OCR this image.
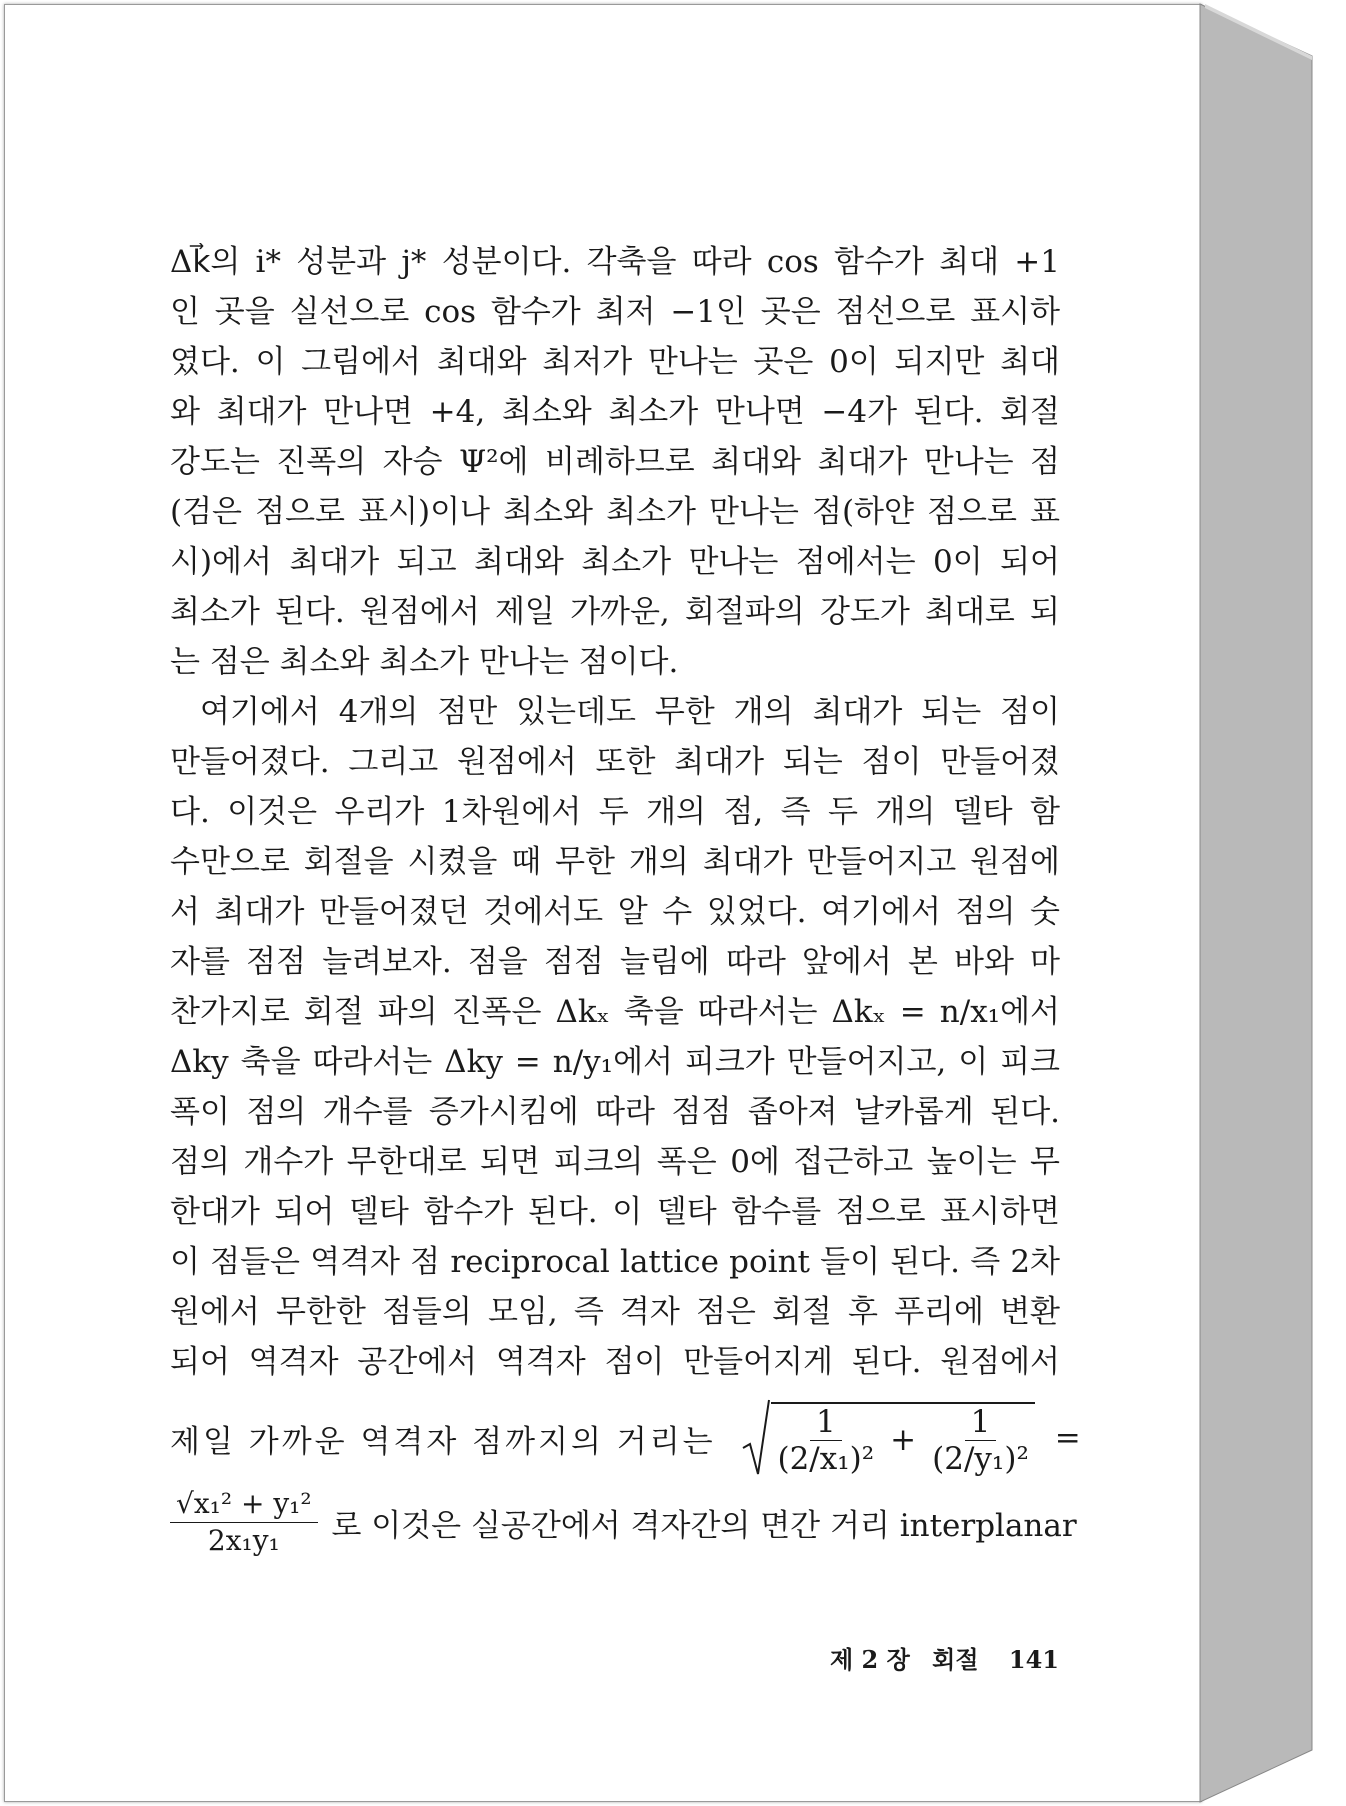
Δk⃗의 i* 성분과 j* 성분이다. 각축을 따라 cos 함수가 최대 +1
인 곳을 실선으로 cos 함수가 최저 −1인 곳은 점선으로 표시하
였다. 이 그림에서 최대와 최저가 만나는 곳은 0이 되지만 최대
와 최대가 만나면 +4, 최소와 최소가 만나면 −4가 된다. 회절
강도는 진폭의 자승 Ψ²에 비례하므로 최대와 최대가 만나는 점
(검은 점으로 표시)이나 최소와 최소가 만나는 점(하얀 점으로 표
시)에서 최대가 되고 최대와 최소가 만나는 점에서는 0이 되어
최소가 된다. 원점에서 제일 가까운, 회절파의 강도가 최대로 되
는 점은 최소와 최소가 만나는 점이다.
여기에서 4개의 점만 있는데도 무한 개의 최대가 되는 점이
만들어졌다. 그리고 원점에서 또한 최대가 되는 점이 만들어졌
다. 이것은 우리가 1차원에서 두 개의 점, 즉 두 개의 델타 함
수만으로 회절을 시켰을 때 무한 개의 최대가 만들어지고 원점에
서 최대가 만들어졌던 것에서도 알 수 있었다. 여기에서 점의 숫
자를 점점 늘려보자. 점을 점점 늘림에 따라 앞에서 본 바와 마
찬가지로 회절 파의 진폭은 Δkₓ 축을 따라서는 Δkₓ = n/x₁에서
Δky 축을 따라서는 Δky = n/y₁에서 피크가 만들어지고, 이 피크
폭이 점의 개수를 증가시킴에 따라 점점 좁아져 날카롭게 된다.
점의 개수가 무한대로 되면 피크의 폭은 0에 접근하고 높이는 무
한대가 되어 델타 함수가 된다. 이 델타 함수를 점으로 표시하면
이 점들은 역격자 점 reciprocal lattice point 들이 된다. 즉 2차
원에서 무한한 점들의 모임, 즉 격자 점은 회절 후 푸리에 변환
되어 역격자 공간에서 역격자 점이 만들어지게 된다. 원점에서
제일 가까운 역격자 점까지의 거리는 $\frac{1}{\text{(2/x₁)²}} + \frac{1}{\text{(2/y₁)²}}$ =
$\frac{\text{√x₁² + y₁²}}{\text{2x₁y₁}}$ 로 이것은 실공간에서 격자간의 면간 거리 interplanar
제 2 장 회절 141
